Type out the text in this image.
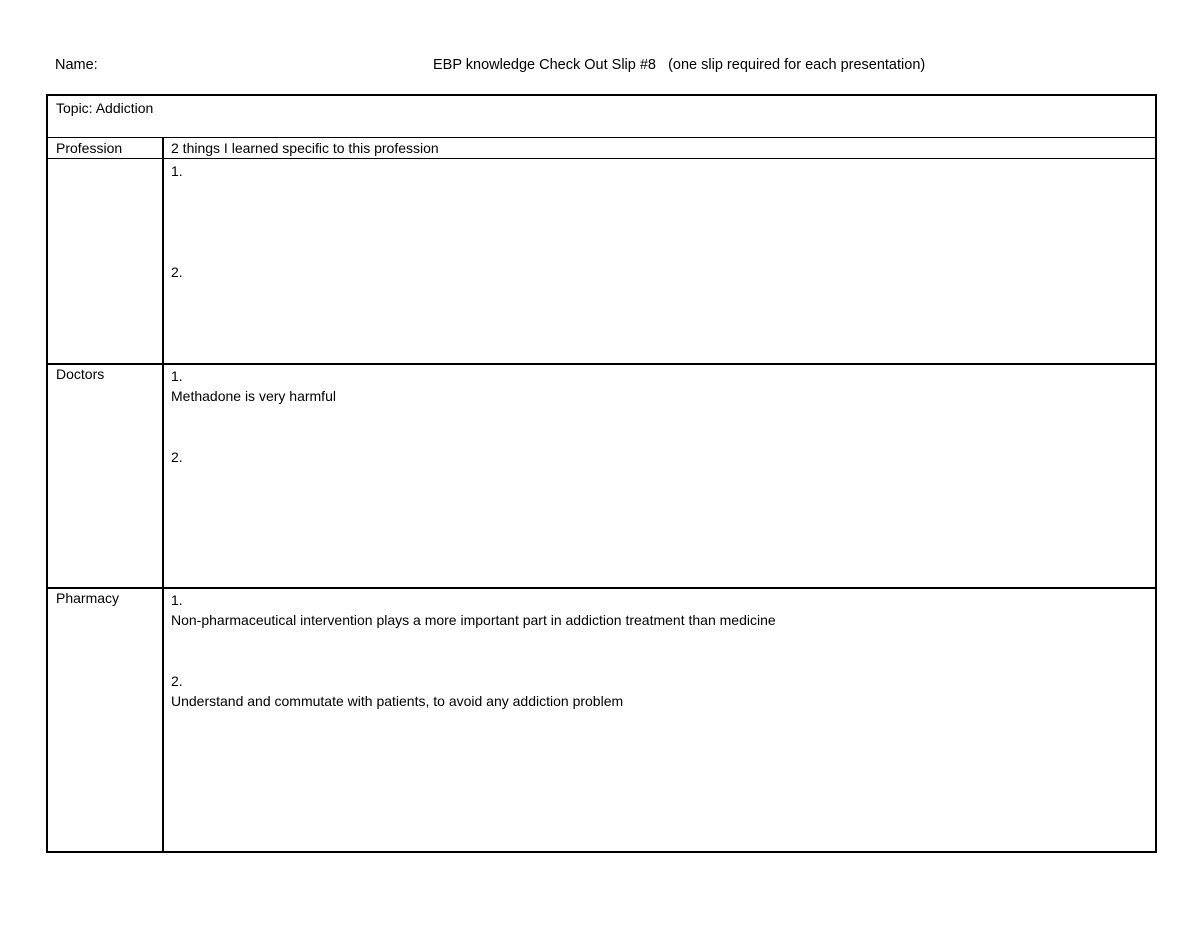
Name:	EBP knowledge Check Out Slip #8   (one slip required for each presentation)
Topic: Addiction
Profession	2 things I learned specific to this profession
1.
2.
Doctors	1.
Methadone is very harmful
2.
Pharmacy	1.
Non-pharmaceutical intervention plays a more important part in addiction treatment than medicine
2.
Understand and commutate with patients, to avoid any addiction problem
